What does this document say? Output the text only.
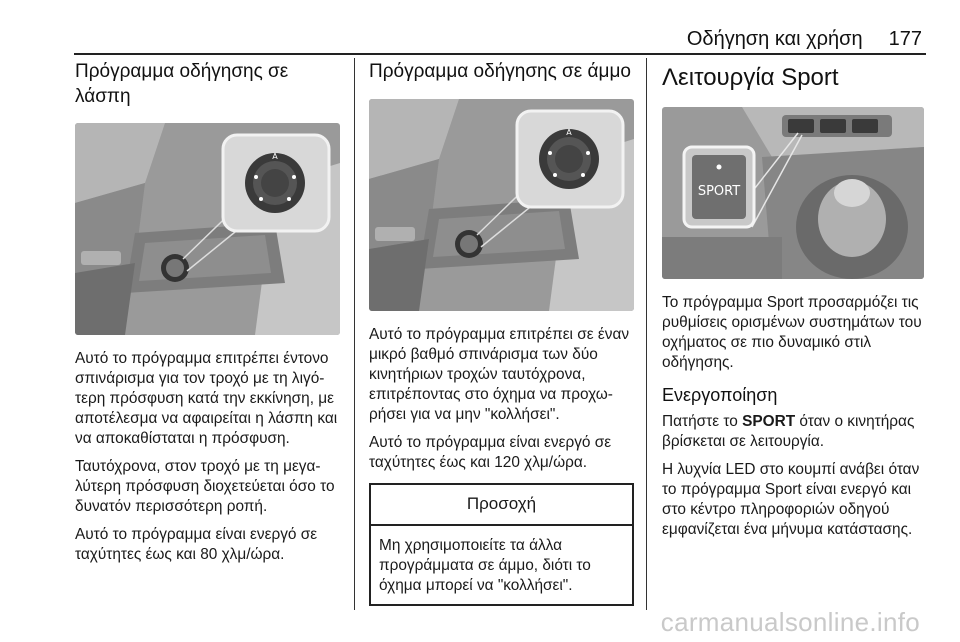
Οδήγηση και χρήση 177
Πρόγραμμα οδήγησης σε λάσπη
A

Αυτό το πρόγραμμα επιτρέπει έντονο σπινάρισμα για τον τροχό με τη λιγότερη πρόσφυση κατά την εκκίνηση, με αποτέλεσμα να αφαιρείται η λάσπη και να αποκαθίσταται η πρόσφυση.

Ταυτόχρονα, στον τροχό με τη μεγαλύτερη πρόσφυση διοχετεύεται όσο το δυνατόν περισσότερη ροπή.

Αυτό το πρόγραμμα είναι ενεργό σε ταχύτητες έως και 80 χλμ/ώρα.

Πρόγραμμα οδήγησης σε άμμο
A

Αυτό το πρόγραμμα επιτρέπει σε έναν μικρό βαθμό σπινάρισμα των δύο κινητήριων τροχών ταυτόχρονα, επιτρέποντας στο όχημα να προχωρήσει για να μην "κολλήσει".

Αυτό το πρόγραμμα είναι ενεργό σε ταχύτητες έως και 120 χλμ/ώρα.

Προσοχή
Μη χρησιμοποιείτε τα άλλα προγράμματα σε άμμο, διότι το όχημα μπορεί να "κολλήσει".
Λειτουργία Sport
SPORT

Το πρόγραμμα Sport προσαρμόζει τις ρυθμίσεις ορισμένων συστημάτων του οχήματος σε πιο δυναμικό στιλ οδήγησης.

Ενεργοποίηση

Πατήστε το SPORT όταν ο κινητήρας βρίσκεται σε λειτουργία.

Η λυχνία LED στο κουμπί ανάβει όταν το πρόγραμμα Sport είναι ενεργό και στο κέντρο πληροφοριών οδηγού εμφανίζεται ένα μήνυμα κατάστασης.

carmanualsonline.info
